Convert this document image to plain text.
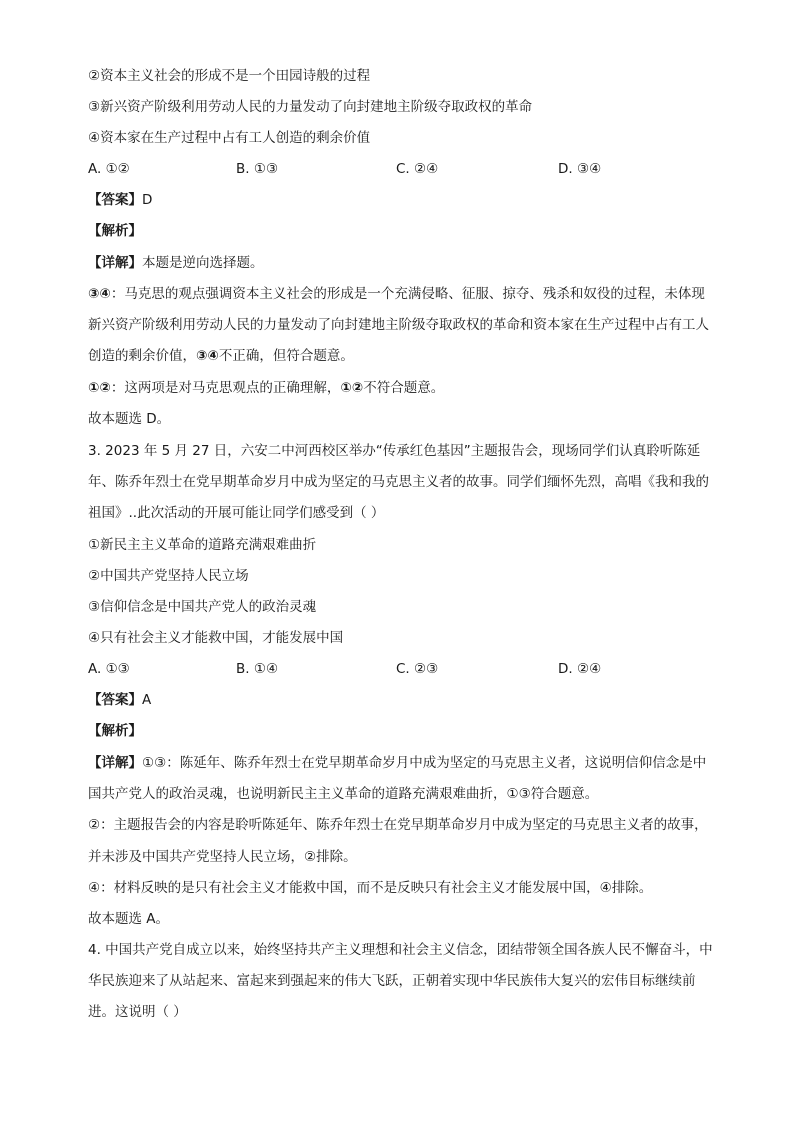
②资本主义社会的形成不是一个田园诗般的过程
③新兴资产阶级利用劳动人民的力量发动了向封建地主阶级夺取政权的革命
④资本家在生产过程中占有工人创造的剩余价值
A. ①②	B. ①③	C. ②④	D. ③④
【答案】D
【解析】
【详解】本题是逆向选择题。
③④：马克思的观点强调资本主义社会的形成是一个充满侵略、征服、掠夺、残杀和奴役的过程，未体现
新兴资产阶级利用劳动人民的力量发动了向封建地主阶级夺取政权的革命和资本家在生产过程中占有工人
创造的剩余价值，③④不正确，但符合题意。
①②：这两项是对马克思观点的正确理解，①②不符合题意。
故本题选 D。
3. 2023 年 5 月 27 日，六安二中河西校区举办“传承红色基因”主题报告会，现场同学们认真聆听陈延
年、陈乔年烈士在党早期革命岁月中成为坚定的马克思主义者的故事。同学们缅怀先烈，高唱《我和我的
祖国》..此次活动的开展可能让同学们感受到（ ）
①新民主主义革命的道路充满艰难曲折
②中国共产党坚持人民立场
③信仰信念是中国共产党人的政治灵魂
④只有社会主义才能救中国，才能发展中国
A. ①③	B. ①④	C. ②③	D. ②④
【答案】A
【解析】
【详解】①③：陈延年、陈乔年烈士在党早期革命岁月中成为坚定的马克思主义者，这说明信仰信念是中
国共产党人的政治灵魂，也说明新民主主义革命的道路充满艰难曲折，①③符合题意。
②：主题报告会的内容是聆听陈延年、陈乔年烈士在党早期革命岁月中成为坚定的马克思主义者的故事，
并未涉及中国共产党坚持人民立场，②排除。
④：材料反映的是只有社会主义才能救中国，而不是反映只有社会主义才能发展中国，④排除。
故本题选 A。
4. 中国共产党自成立以来，始终坚持共产主义理想和社会主义信念，团结带领全国各族人民不懈奋斗，中
华民族迎来了从站起来、富起来到强起来的伟大飞跃，正朝着实现中华民族伟大复兴的宏伟目标继续前
进。这说明（ ）
